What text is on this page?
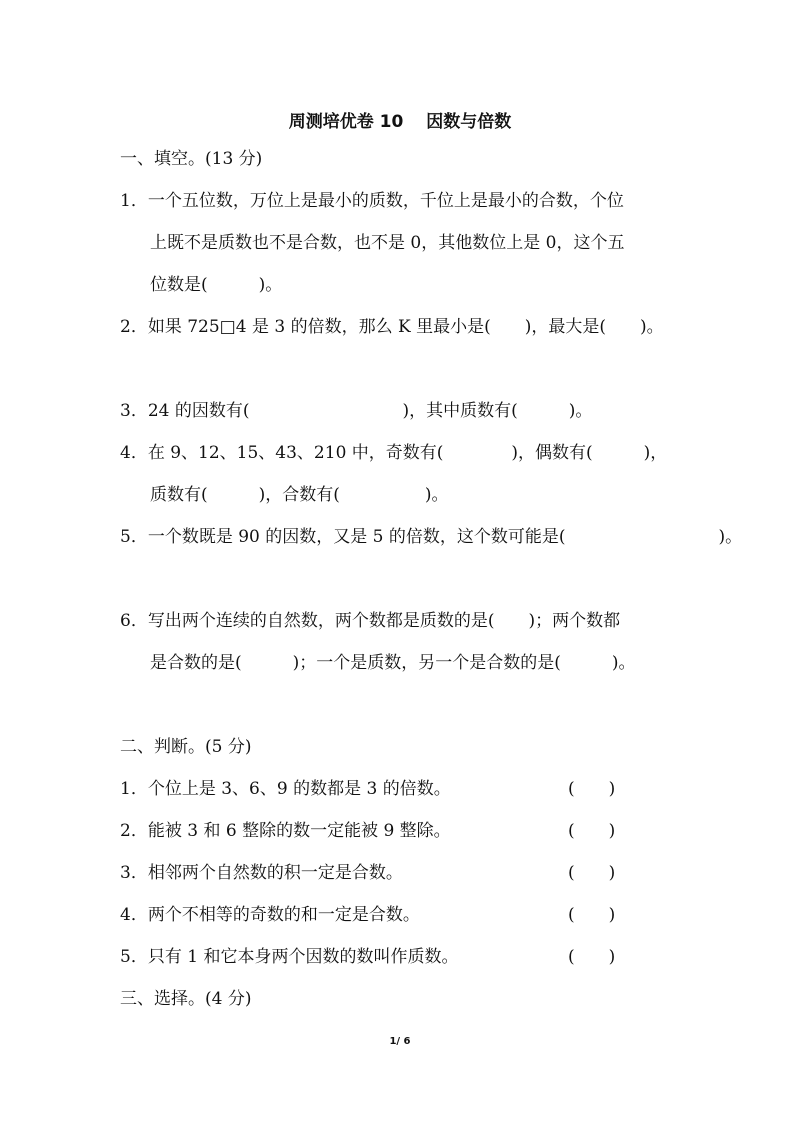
周测培优卷 10　 因数与倍数
一、填空。(13 分)
1．一个五位数，万位上是最小的质数，千位上是最小的合数，个位
上既不是质数也不是合数，也不是 0，其他数位上是 0，这个五
位数是(　　　)。
2．如果 725□4 是 3 的倍数，那么 K 里最小是(　　)，最大是(　　)。
3．24 的因数有(　　　　　　　　　)，其中质数有(　　　)。
4．在 9、12、15、43、210 中，奇数有(　　　　)，偶数有(　　　)，
质数有(　　　)，合数有(　　　　　)。
5．一个数既是 90 的因数，又是 5 的倍数，这个数可能是(　　　　　　　　　)。
6．写出两个连续的自然数，两个数都是质数的是(　　)；两个数都
是合数的是(　　　)；一个是质数，另一个是合数的是(　　　)。
二、判断。(5 分)
1．个位上是 3、6、9 的数都是 3 的倍数。	(　　)
2．能被 3 和 6 整除的数一定能被 9 整除。	(　　)
3．相邻两个自然数的积一定是合数。	(　　)
4．两个不相等的奇数的和一定是合数。	(　　)
5．只有 1 和它本身两个因数的数叫作质数。	(　　)
三、选择。(4 分)
1/ 6
